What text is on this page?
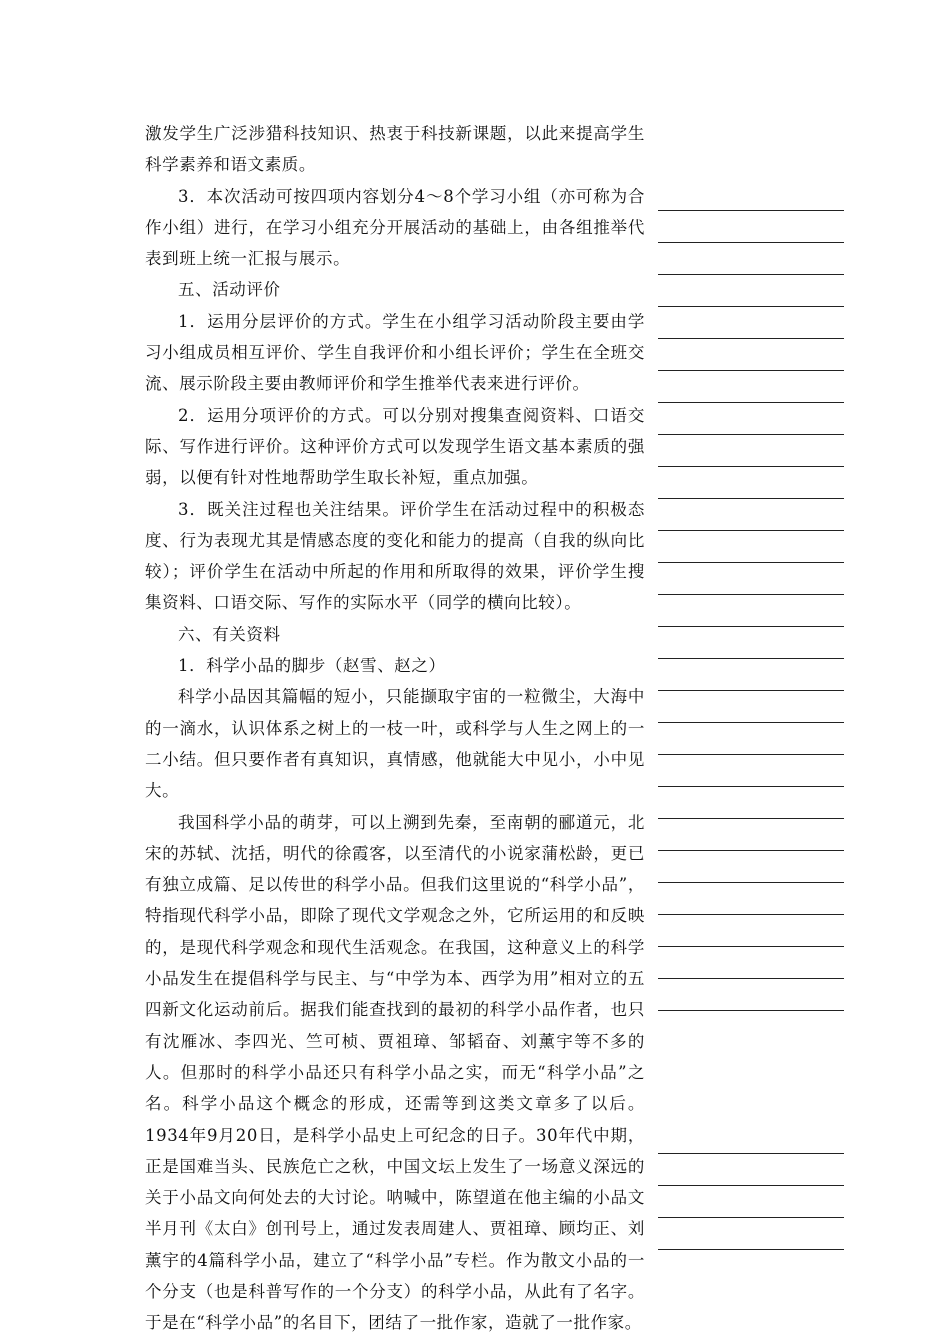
激发学生广泛涉猎科技知识、热衷于科技新课题，以此来提高学生科学素养和语文素质。

3．本次活动可按四项内容划分4～8个学习小组（亦可称为合作小组）进行，在学习小组充分开展活动的基础上，由各组推举代表到班上统一汇报与展示。

五、活动评价

1．运用分层评价的方式。学生在小组学习活动阶段主要由学习小组成员相互评价、学生自我评价和小组长评价；学生在全班交流、展示阶段主要由教师评价和学生推举代表来进行评价。

2．运用分项评价的方式。可以分别对搜集查阅资料、口语交际、写作进行评价。这种评价方式可以发现学生语文基本素质的强弱，以便有针对性地帮助学生取长补短，重点加强。

3．既关注过程也关注结果。评价学生在活动过程中的积极态度、行为表现尤其是情感态度的变化和能力的提高（自我的纵向比较）；评价学生在活动中所起的作用和所取得的效果，评价学生搜集资料、口语交际、写作的实际水平（同学的横向比较）。

六、有关资料

1．科学小品的脚步（赵雪、赵之）

科学小品因其篇幅的短小，只能撷取宇宙的一粒微尘，大海中的一滴水，认识体系之树上的一枝一叶，或科学与人生之网上的一二小结。但只要作者有真知识，真情感，他就能大中见小，小中见大。

我国科学小品的萌芽，可以上溯到先秦，至南朝的郦道元，北宋的苏轼、沈括，明代的徐霞客，以至清代的小说家蒲松龄，更已有独立成篇、足以传世的科学小品。但我们这里说的“科学小品”，特指现代科学小品，即除了现代文学观念之外，它所运用的和反映的，是现代科学观念和现代生活观念。在我国，这种意义上的科学小品发生在提倡科学与民主、与“中学为本、西学为用”相对立的五四新文化运动前后。据我们能查找到的最初的科学小品作者，也只有沈雁冰、李四光、竺可桢、贾祖璋、邹韬奋、刘薰宇等不多的人。但那时的科学小品还只有科学小品之实，而无“科学小品”之名。科学小品这个概念的形成，还需等到这类文章多了以后。1934年9月20日，是科学小品史上可纪念的日子。30年代中期，正是国难当头、民族危亡之秋，中国文坛上发生了一场意义深远的关于小品文向何处去的大讨论。呐喊中，陈望道在他主编的小品文半月刊《太白》创刊号上，通过发表周建人、贾祖璋、顾均正、刘薰宇的4篇科学小品，建立了“科学小品”专栏。作为散文小品的一个分支（也是科普写作的一个分支）的科学小品，从此有了名字。于是在“科学小品”的名目下，团结了一批作家，造就了一批作家。
